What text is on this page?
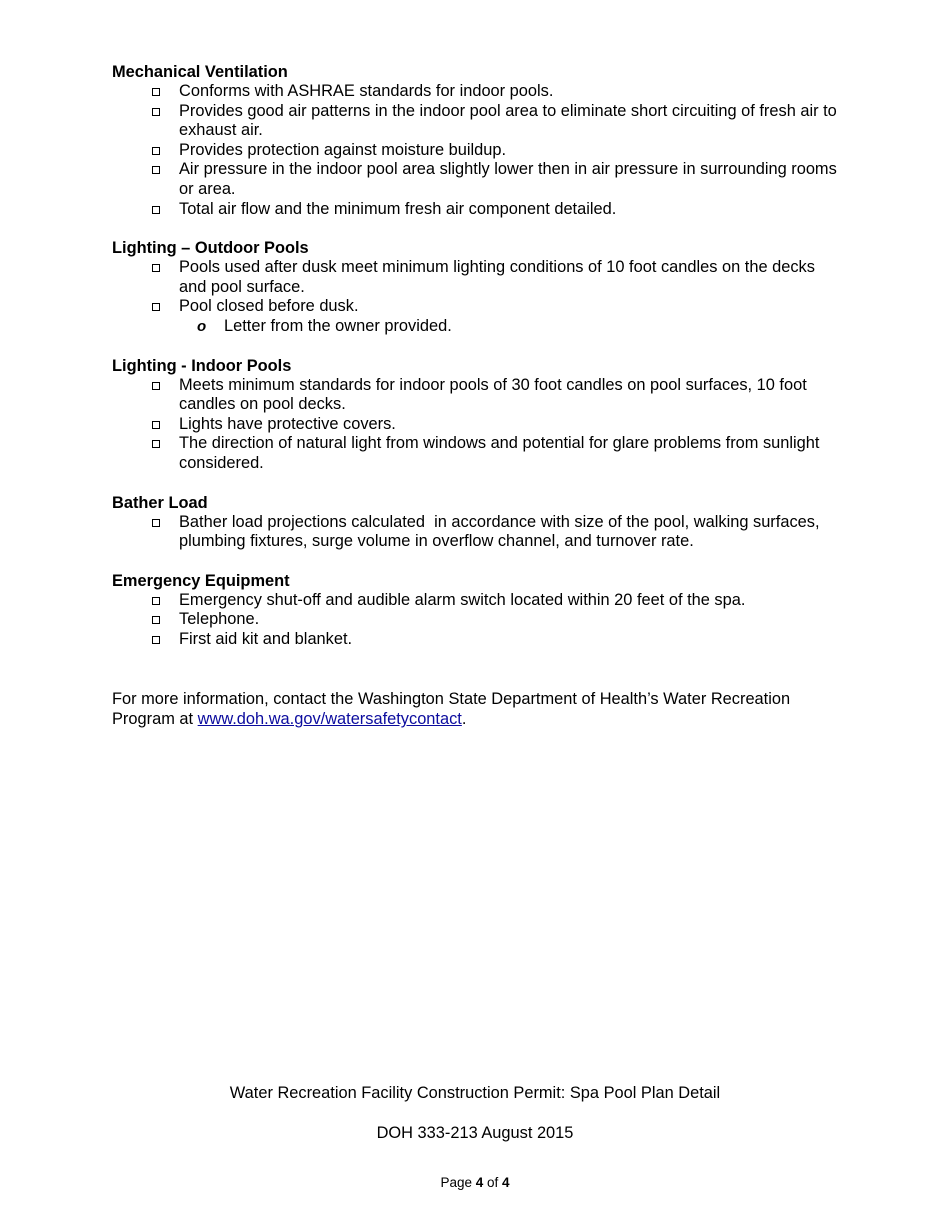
Mechanical Ventilation
Conforms with ASHRAE standards for indoor pools.
Provides good air patterns in the indoor pool area to eliminate short circuiting of fresh air to exhaust air.
Provides protection against moisture buildup.
Air pressure in the indoor pool area slightly lower then in air pressure in surrounding rooms or area.
Total air flow and the minimum fresh air component detailed.
Lighting – Outdoor Pools
Pools used after dusk meet minimum lighting conditions of 10 foot candles on the decks and pool surface.
Pool closed before dusk.
o Letter from the owner provided.
Lighting - Indoor Pools
Meets minimum standards for indoor pools of 30 foot candles on pool surfaces, 10 foot candles on pool decks.
Lights have protective covers.
The direction of natural light from windows and potential for glare problems from sunlight considered.
Bather Load
Bather load projections calculated  in accordance with size of the pool, walking surfaces, plumbing fixtures, surge volume in overflow channel, and turnover rate.
Emergency Equipment
Emergency shut-off and audible alarm switch located within 20 feet of the spa.
Telephone.
First aid kit and blanket.
For more information, contact the Washington State Department of Health’s Water Recreation Program at www.doh.wa.gov/watersafetycontact.
Water Recreation Facility Construction Permit: Spa Pool Plan Detail
DOH 333-213 August 2015
Page 4 of 4
